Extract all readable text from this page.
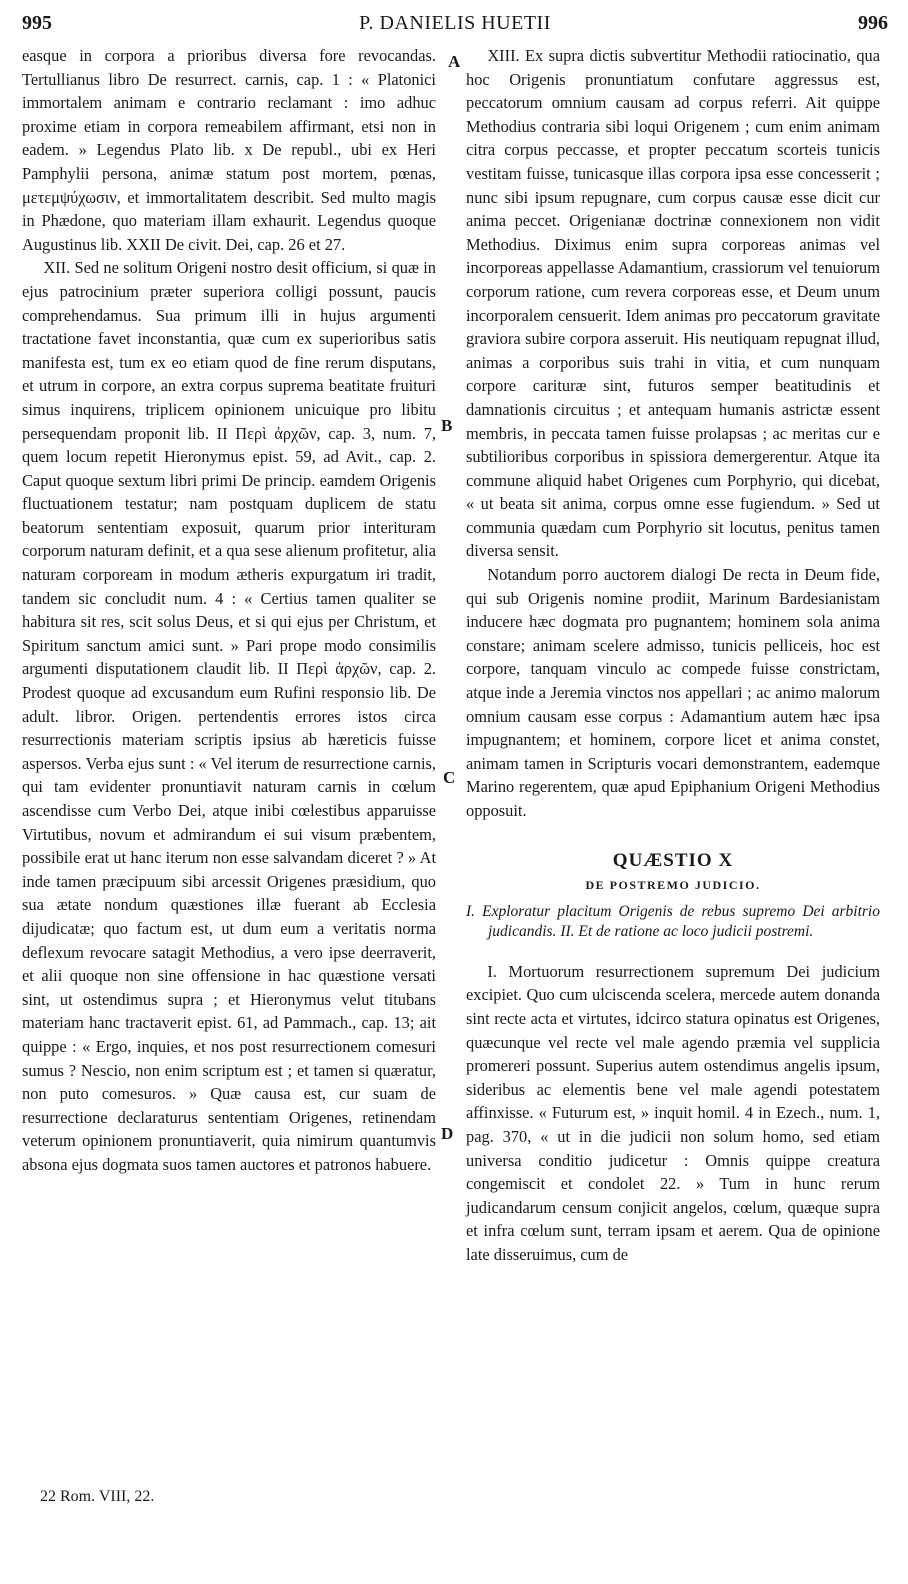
995	P. DANIELIS HUETII	996

easque in corpora a prioribus diversa fore revocandas. Tertullianus libro De resurrect. carnis, cap. 1 : « Platonici immortalem animam e contrario reclamant : imo adhuc proxime etiam in corpora remeabilem affirmant, etsi non in eadem. » Legendus Plato lib. x De republ., ubi ex Heri Pamphylii persona, animæ statum post mortem, pœnas, μετεμψύχωσιν, et immortalitatem describit. Sed multo magis in Phædone, quo materiam illam exhaurit. Legendus quoque Augustinus lib. XXII De civit. Dei, cap. 26 et 27.

XII. Sed ne solitum Origeni nostro desit officium, si quæ in ejus patrocinium præter superiora colligi possunt, paucis comprehendamus. Sua primum illi in hujus argumenti tractatione favet inconstantia, quæ cum ex superioribus satis manifesta est, tum ex eo etiam quod de fine rerum disputans, et utrum in corpore, an extra corpus suprema beatitate fruituri simus inquirens, triplicem opinionem unicuique pro libitu persequendam proponit lib. II Περὶ ἀρχῶν, cap. 3, num. 7, quem locum repetit Hieronymus epist. 59, ad Avit., cap. 2. Caput quoque sextum libri primi De princip. eamdem Origenis fluctuationem testatur; nam postquam duplicem de statu beatorum sententiam exposuit, quarum prior interituram corporum naturam definit, et a qua sese alienum profitetur, alia naturam corpoream in modum ætheris expurgatum iri tradit, tandem sic concludit num. 4 : « Certius tamen qualiter se habitura sit res, scit solus Deus, et si qui ejus per Christum, et Spiritum sanctum amici sunt. » Pari prope modo consimilis argumenti disputationem claudit lib. II Περὶ ἀρχῶν, cap. 2. Prodest quoque ad excusandum eum Rufini responsio lib. De adult. libror. Origen. pertendentis errores istos circa resurrectionis materiam scriptis ipsius ab hæreticis fuisse aspersos. Verba ejus sunt : « Vel iterum de resurrectione carnis, qui tam evidenter pronuntiavit naturam carnis in cœlum ascendisse cum Verbo Dei, atque inibi cœlestibus apparuisse Virtutibus, novum et admirandum ei sui visum præbentem, possibile erat ut hanc iterum non esse salvandam diceret ? » At inde tamen præcipuum sibi arcessit Origenes præsidium, quo sua ætate nondum quæstiones illæ fuerant ab Ecclesia dijudicatæ; quo factum est, ut dum eum a veritatis norma deflexum revocare satagit Methodius, a vero ipse deerraverit, et alii quoque non sine offensione in hac quæstione versati sint, ut ostendimus supra ; et Hieronymus velut titubans materiam hanc tractaverit epist. 61, ad Pammach., cap. 13; ait quippe : « Ergo, inquies, et nos post resurrectionem comesuri sumus ? Nescio, non enim scriptum est ; et tamen si quæratur, non puto comesuros. » Quæ causa est, cur suam de resurrectione declaraturus sententiam Origenes, retinendam veterum opinionem pronuntiaverit, quia nimirum quantumvis absona ejus dogmata suos tamen auctores et patronos habuere.

A
B
C
D

XIII. Ex supra dictis subvertitur Methodii ratiocinatio, qua hoc Origenis pronuntiatum confutare aggressus est, peccatorum omnium causam ad corpus referri. Ait quippe Methodius contraria sibi loqui Origenem ; cum enim animam citra corpus peccasse, et propter peccatum scorteis tunicis vestitam fuisse, tunicasque illas corpora ipsa esse concesserit ; nunc sibi ipsum repugnare, cum corpus causæ esse dicit cur anima peccet. Origenianæ doctrinæ connexionem non vidit Methodius. Diximus enim supra corporeas animas vel incorporeas appellasse Adamantium, crassiorum vel tenuiorum corporum ratione, cum revera corporeas esse, et Deum unum incorporalem censuerit. Idem animas pro peccatorum gravitate graviora subire corpora asseruit. His neutiquam repugnat illud, animas a corporibus suis trahi in vitia, et cum nunquam corpore carituræ sint, futuros semper beatitudinis et damnationis circuitus ; et antequam humanis astrictæ essent membris, in peccata tamen fuisse prolapsas ; ac meritas cur e subtilioribus corporibus in spissiora demergerentur. Atque ita commune aliquid habet Origenes cum Porphyrio, qui dicebat, « ut beata sit anima, corpus omne esse fugiendum. » Sed ut communia quædam cum Porphyrio sit locutus, penitus tamen diversa sensit.

Notandum porro auctorem dialogi De recta in Deum fide, qui sub Origenis nomine prodiit, Marinum Bardesianistam inducere hæc dogmata pro pugnantem; hominem sola anima constare; animam scelere admisso, tunicis pelliceis, hoc est corpore, tanquam vinculo ac compede fuisse constrictam, atque inde a Jeremia vinctos nos appellari ; ac animo malorum omnium causam esse corpus : Adamantium autem hæc ipsa impugnantem; et hominem, corpore licet et anima constet, animam tamen in Scripturis vocari demonstrantem, eademque Marino regerentem, quæ apud Epiphanium Origeni Methodius opposuit.

QUÆSTIO X
DE POSTREMO JUDICIO.
I. Exploratur placitum Origenis de rebus supremo Dei arbitrio judicandis. II. Et de ratione ac loco judicii postremi.

I. Mortuorum resurrectionem supremum Dei judicium excipiet. Quo cum ulciscenda scelera, mercede autem donanda sint recte acta et virtutes, idcirco statura opinatus est Origenes, quæcunque vel recte vel male agendo præmia vel supplicia promereri possunt. Superius autem ostendimus angelis ipsum, sideribus ac elementis bene vel male agendi potestatem affinxisse. « Futurum est, » inquit homil. 4 in Ezech., num. 1, pag. 370, « ut in die judicii non solum homo, sed etiam universa conditio judicetur : Omnis quippe creatura congemiscit et condolet 22. » Tum in hunc rerum judicandarum censum conjicit angelos, cœlum, quæque supra et infra cœlum sunt, terram ipsam et aerem. Qua de opinione late disseruimus, cum de

22 Rom. VIII, 22.
